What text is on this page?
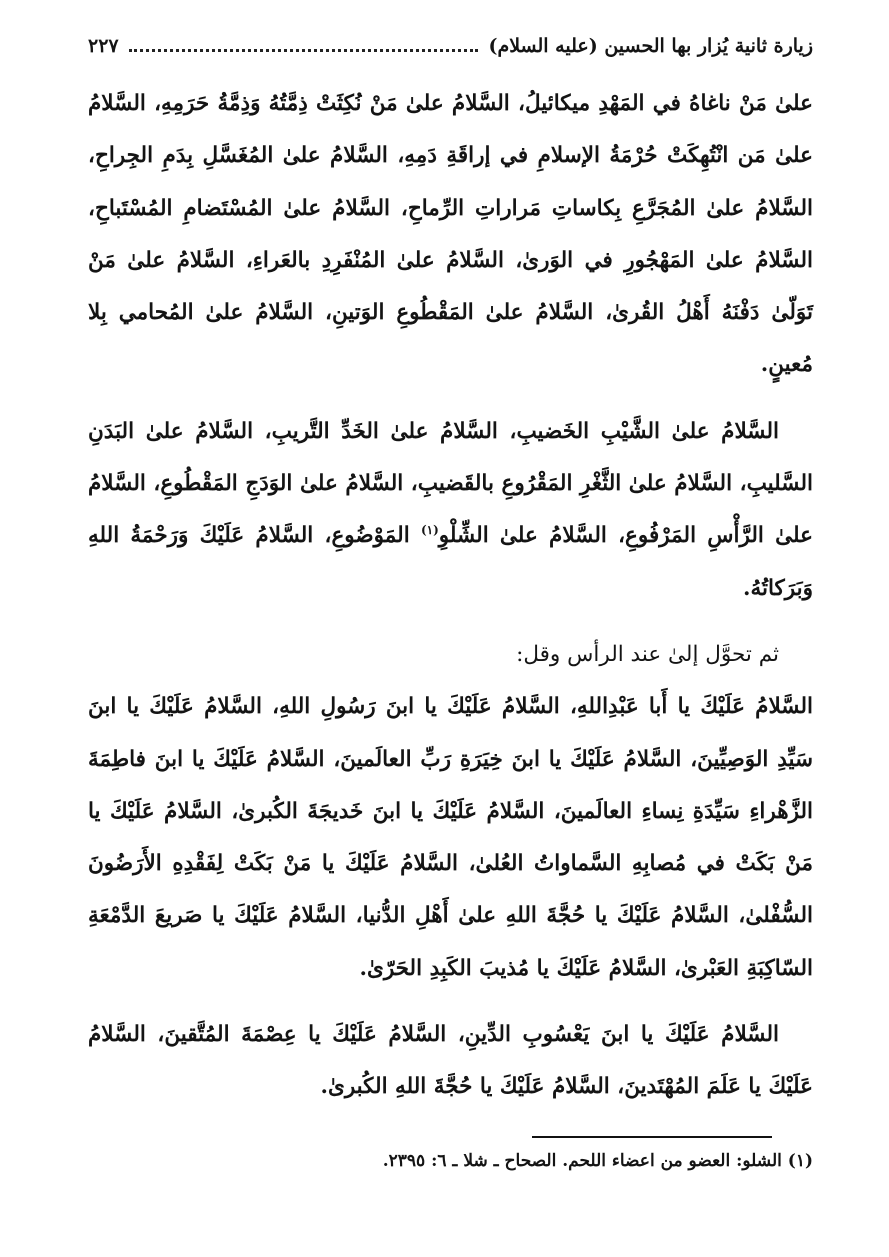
زيارة ثانية يُزار بها الحسين (عليه السلام)
٢٢٧

علىٰ مَنْ ناغاهُ في المَهْدِ ميكائيلُ، السَّلامُ علىٰ مَنْ نُكِثَتْ ذِمَّتُهُ وَذِمَّةُ حَرَمِهِ، السَّلامُ علىٰ مَن انْتُهِكَتْ حُرْمَةُ الإسلامِ في إراقَةِ دَمِهِ، السَّلامُ علىٰ المُغَسَّلِ بِدَمِ الجِراحِ، السَّلامُ علىٰ المُجَرَّعِ بِكاساتِ مَراراتِ الرِّماحِ، السَّلامُ علىٰ المُسْتَضامِ المُسْتَباحِ، السَّلامُ علىٰ المَهْجُورِ في الوَرىٰ، السَّلامُ علىٰ المُنْفَرِدِ بالعَراءِ، السَّلامُ علىٰ مَنْ تَوَلّىٰ دَفْنَهُ أَهْلُ القُرىٰ، السَّلامُ علىٰ المَقْطُوعِ الوَتينِ، السَّلامُ علىٰ المُحامي بِلا مُعينٍ.

السَّلامُ علىٰ الشَّيْبِ الخَضيبِ، السَّلامُ علىٰ الخَدِّ التَّريبِ، السَّلامُ علىٰ البَدَنِ السَّليبِ، السَّلامُ علىٰ الثَّغْرِ المَقْرُوعِ بالقَضيبِ، السَّلامُ علىٰ الوَدَجِ المَقْطُوعِ، السَّلامُ علىٰ الرَّأْسِ المَرْفُوعِ، السَّلامُ علىٰ الشِّلْوِ$^{(١)}$ المَوْضُوعِ، السَّلامُ عَلَيْكَ وَرَحْمَةُ اللهِ وَبَرَكاتُهُ.

ثم تحوَّل إلىٰ عند الرأس وقل:

السَّلامُ عَلَيْكَ يا أَبا عَبْدِاللهِ، السَّلامُ عَلَيْكَ يا ابنَ رَسُولِ اللهِ، السَّلامُ عَلَيْكَ يا ابنَ سَيِّدِ الوَصِيِّينَ، السَّلامُ عَلَيْكَ يا ابنَ خِيَرَةِ رَبِّ العالَمينَ، السَّلامُ عَلَيْكَ يا ابنَ فاطِمَةَ الزَّهْراءِ سَيِّدَةِ نِساءِ العالَمينَ، السَّلامُ عَلَيْكَ يا ابنَ خَديجَةَ الكُبرىٰ، السَّلامُ عَلَيْكَ يا مَنْ بَكَتْ في مُصابِهِ السَّماواتُ العُلىٰ، السَّلامُ عَلَيْكَ يا مَنْ بَكَتْ لِفَقْدِهِ الأَرَضُونَ السُّفْلىٰ، السَّلامُ عَلَيْكَ يا حُجَّةَ اللهِ علىٰ أَهْلِ الدُّنيا، السَّلامُ عَلَيْكَ يا صَريعَ الدَّمْعَةِ السّاكِبَةِ العَبْرىٰ، السَّلامُ عَلَيْكَ يا مُذيبَ الكَبِدِ الحَرّىٰ.

السَّلامُ عَلَيْكَ يا ابنَ يَعْسُوبِ الدِّينِ، السَّلامُ عَلَيْكَ يا عِصْمَةَ المُتَّقينَ، السَّلامُ عَلَيْكَ يا عَلَمَ المُهْتَدينَ، السَّلامُ عَلَيْكَ يا حُجَّةَ اللهِ الكُبرىٰ.

(١) الشلو: العضو من اعضاء اللحم. الصحاح ـ شلا ـ ٦: ٢٣٩٥.
